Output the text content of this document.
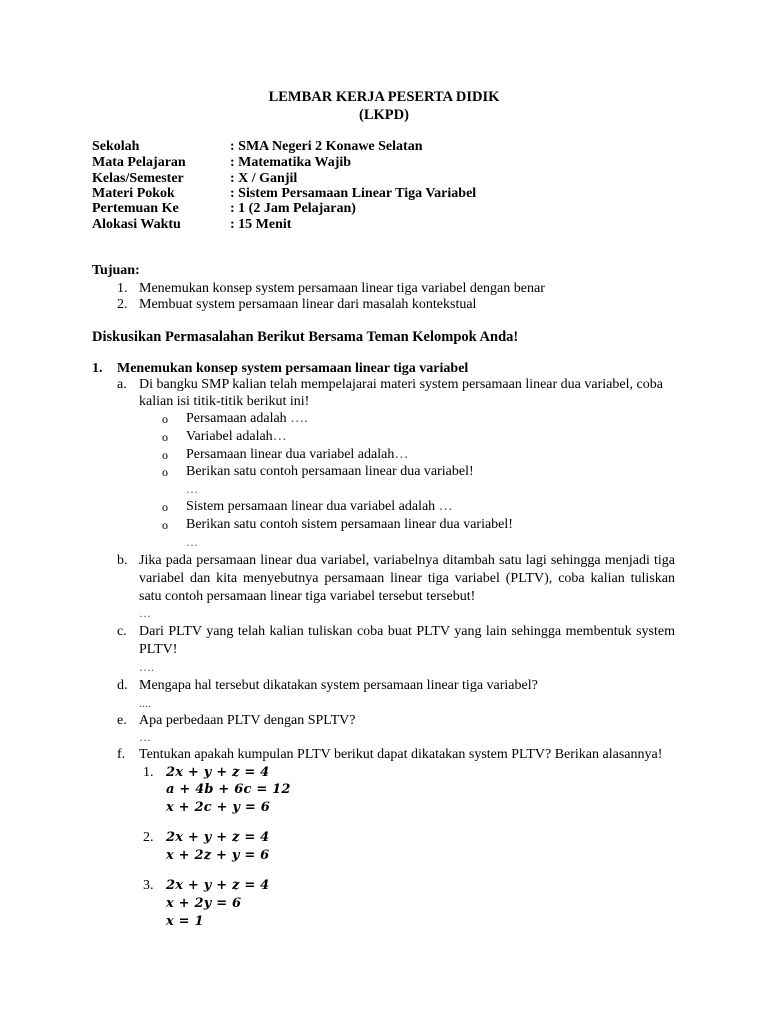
LEMBAR KERJA PESERTA DIDIK
(LKPD)
Sekolah	: SMA Negeri 2 Konawe Selatan
Mata Pelajaran	: Matematika Wajib
Kelas/Semester	: X / Ganjil
Materi Pokok	: Sistem Persamaan Linear Tiga Variabel
Pertemuan Ke	: 1 (2 Jam Pelajaran)
Alokasi Waktu	: 15 Menit
Tujuan:
1. Menemukan konsep system persamaan linear tiga variabel dengan benar
2. Membuat system persamaan linear dari masalah kontekstual
Diskusikan Permasalahan Berikut Bersama Teman Kelompok Anda!
1. Menemukan konsep system persamaan linear tiga variabel
a. Di bangku SMP kalian telah mempelajarai materi system persamaan linear dua variabel, coba
kalian isi titik-titik berikut ini!
o Persamaan adalah ….
o Variabel adalah…
o Persamaan linear dua variabel adalah…
o Berikan satu contoh persamaan linear dua variabel!
…
o Sistem persamaan linear dua variabel adalah …
o Berikan satu contoh sistem persamaan linear dua variabel!
…
b. Jika pada persamaan linear dua variabel, variabelnya ditambah satu lagi sehingga menjadi tiga
variabel dan kita menyebutnya persamaan linear tiga variabel (PLTV), coba kalian tuliskan
satu contoh persamaan linear tiga variabel tersebut tersebut!
…
c. Dari PLTV yang telah kalian tuliskan coba buat PLTV yang lain sehingga membentuk system
PLTV!
….
d. Mengapa hal tersebut dikatakan system persamaan linear tiga variabel?
....
e. Apa perbedaan PLTV dengan SPLTV?
…
f. Tentukan apakah kumpulan PLTV berikut dapat dikatakan system PLTV? Berikan alasannya!
1. 2x + y + z = 4
a + 4b + 6c = 12
x + 2c + y = 6
2. 2x + y + z = 4
x + 2z + y = 6
3. 2x + y + z = 4
x + 2y = 6
x = 1
